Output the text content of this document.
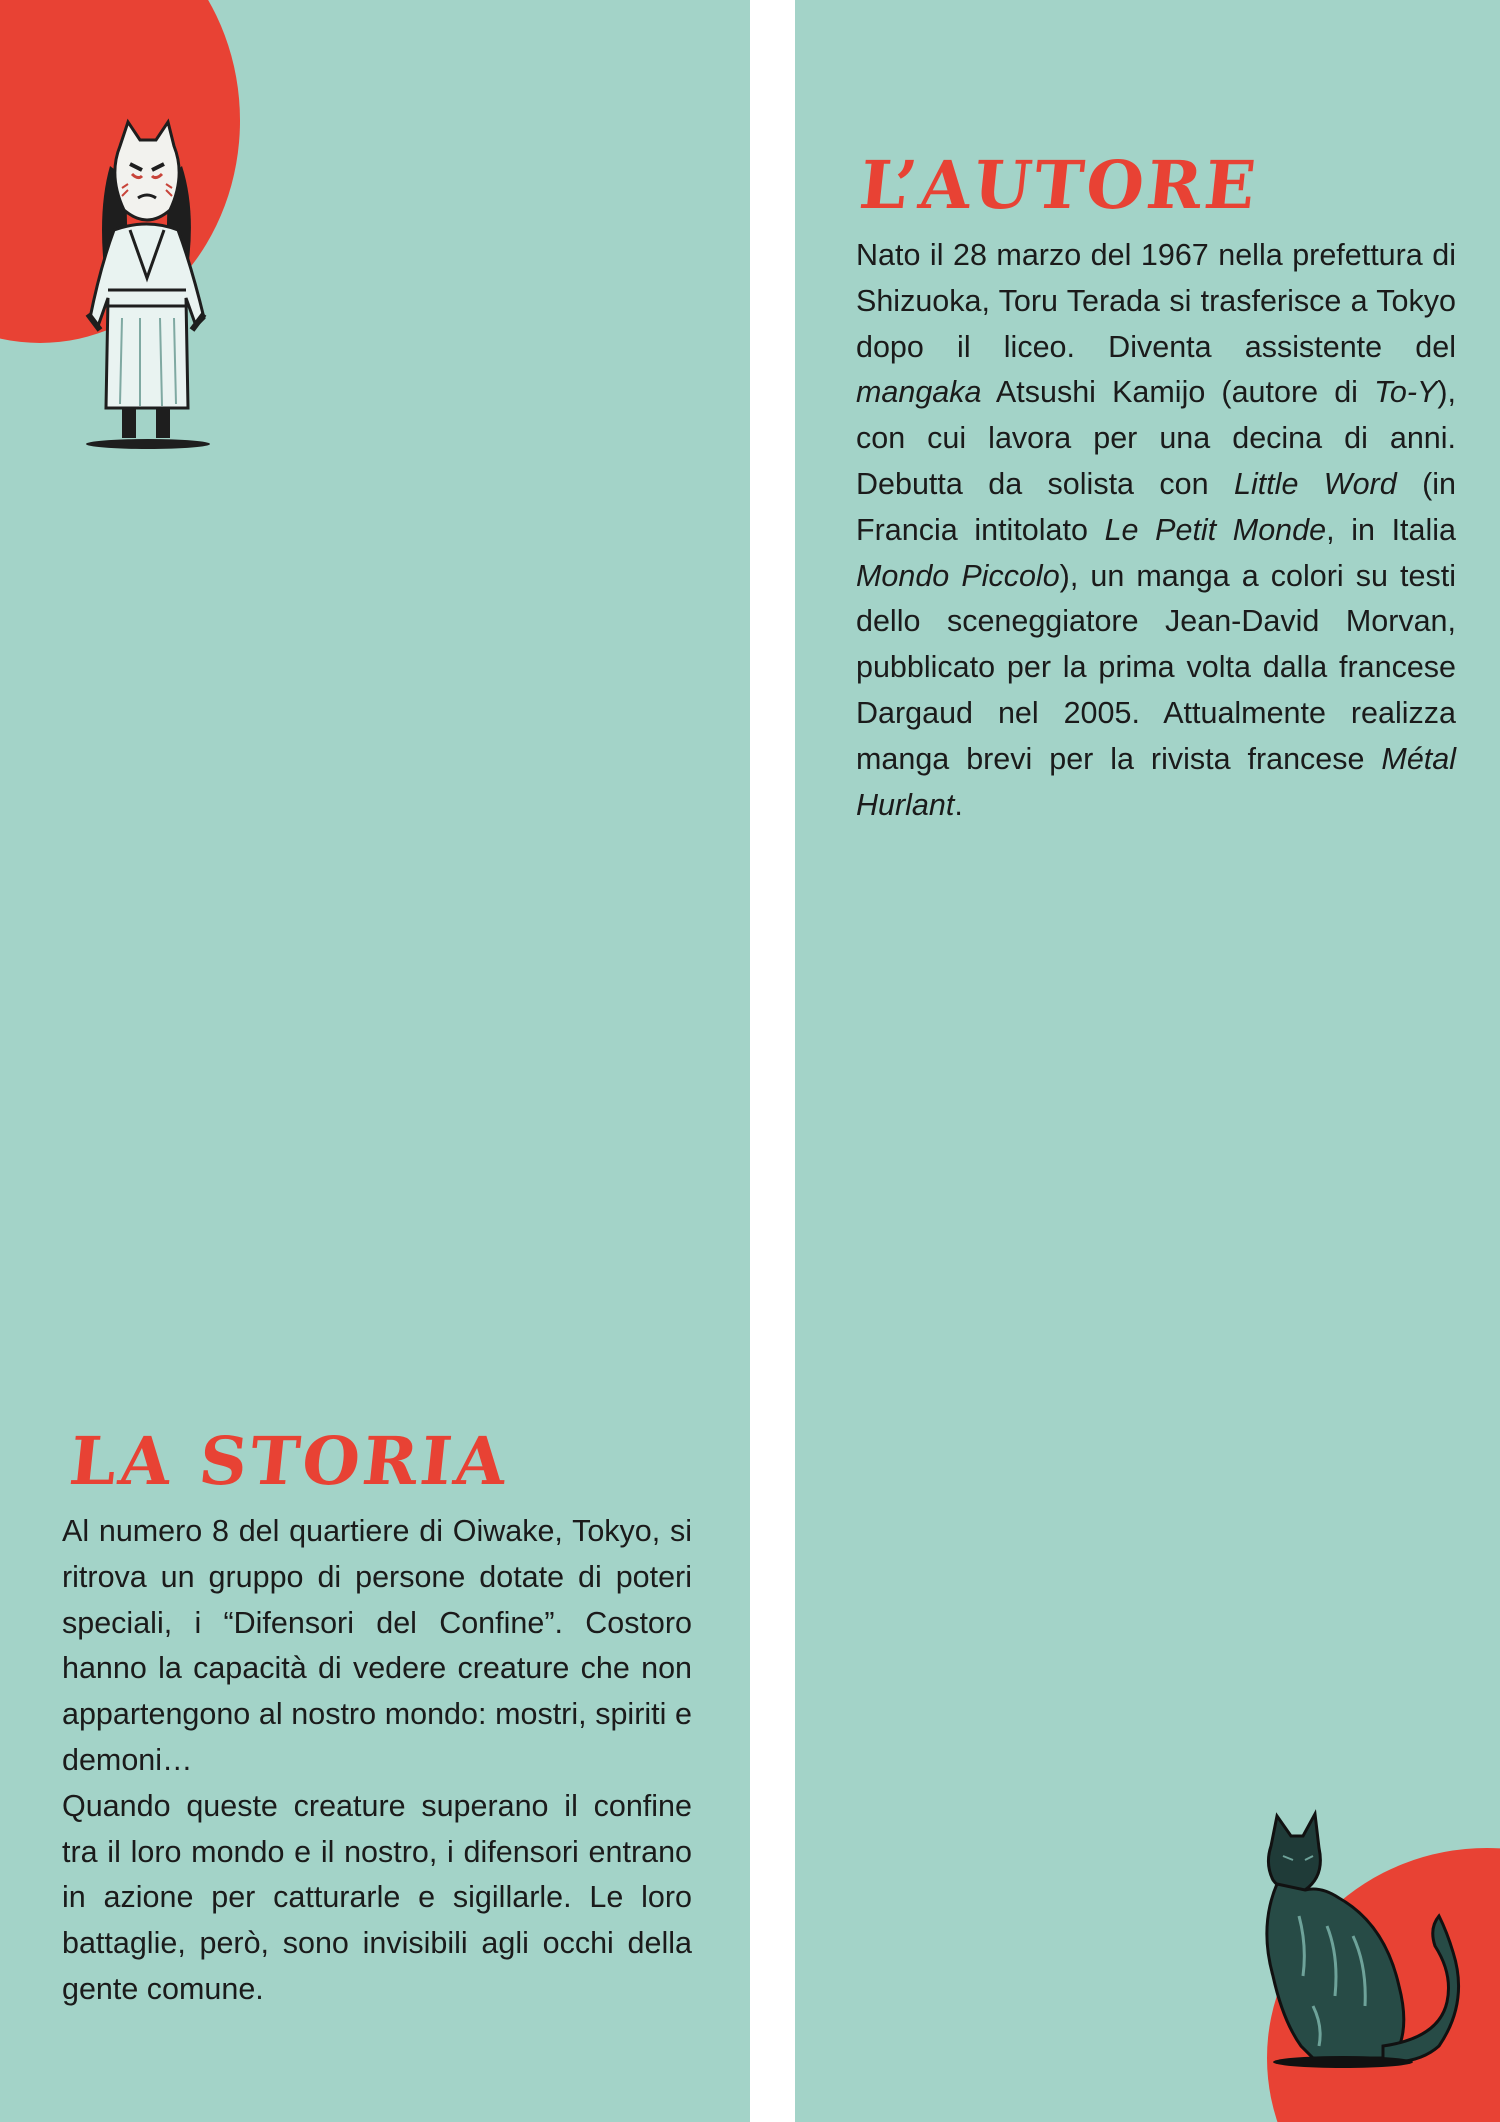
LA STORIA

Al numero 8 del quartiere di Oiwake, Tokyo, si ritrova un gruppo di persone dotate di poteri speciali, i “Difensori del Confine”. Costoro hanno la capacità di vedere creature che non appartengono al nostro mondo: mostri, spiriti e demoni…

Quando queste creature superano il confine tra il loro mondo e il nostro, i difensori entrano in azione per catturarle e sigillarle. Le loro battaglie, però, sono invisibili agli occhi della gente comune.

L’AUTORE

Nato il 28 marzo del 1967 nella prefettura di Shizuoka, Toru Terada si trasferisce a Tokyo dopo il liceo. Diventa assistente del mangaka Atsushi Kamijo (autore di To-Y), con cui lavora per una decina di anni. Debutta da solista con Little Word (in Francia intitolato Le Petit Monde, in Italia Mondo Piccolo), un manga a colori su testi dello sceneggiatore Jean-David Morvan, pubblicato per la prima volta dalla francese Dargaud nel 2005. Attualmente realizza manga brevi per la rivista francese Métal Hurlant.
